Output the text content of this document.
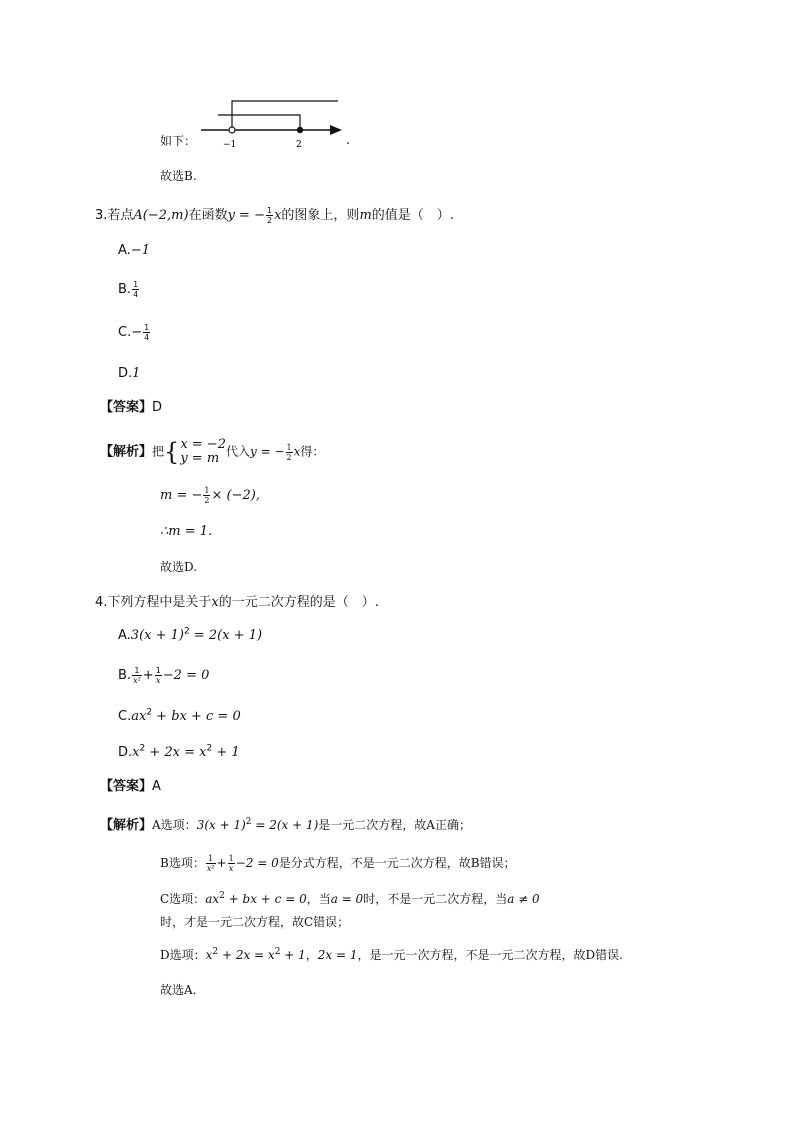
如下：	−1	2	.
故选B.
3.若点A(−2,m)在函数y = − $\frac{1}{2}$ x的图象上，则m的值是（　）.
A.−1
B. $\frac{1}{4}$
$C.- \frac{1}{4}$
D.1
【答案】D
【解析】把{ x = −2
y = m 代入y = − $\frac{1}{2}$ x得：
m = − $\frac{1}{2} \times (-2)$,
∴m = 1.
故选D.
4.下列方程中是关于x的一元二次方程的是（　）.
$A.3(x + 1)^2 = 2(x + 1)$
B. $\frac{1}{\text{x²}} + \frac{1}{x} -2 = 0$
$C.ax^2$ + bx + c = 0
$D.x^2 + 2x = x^2 + 1$
【答案】A
【解析】A选项：$3(x + 1)^2 = 2(x + 1)$是一元二次方程，故A正确；
B选项： $\frac{1}{\text{x²}} + \frac{1}{x} -2 = 0$是分式方程，不是一元二次方程，故B错误；
C选项：$ax^2$ + bx + c = 0，当a = 0时，不是一元二次方程，当a ≠ 0
时，才是一元二次方程，故C错误；
D选项：$x^2 + 2x = x^2 + 1$，2x = 1，是一元一次方程，不是一元二次方程，故D错误.
故选A.
